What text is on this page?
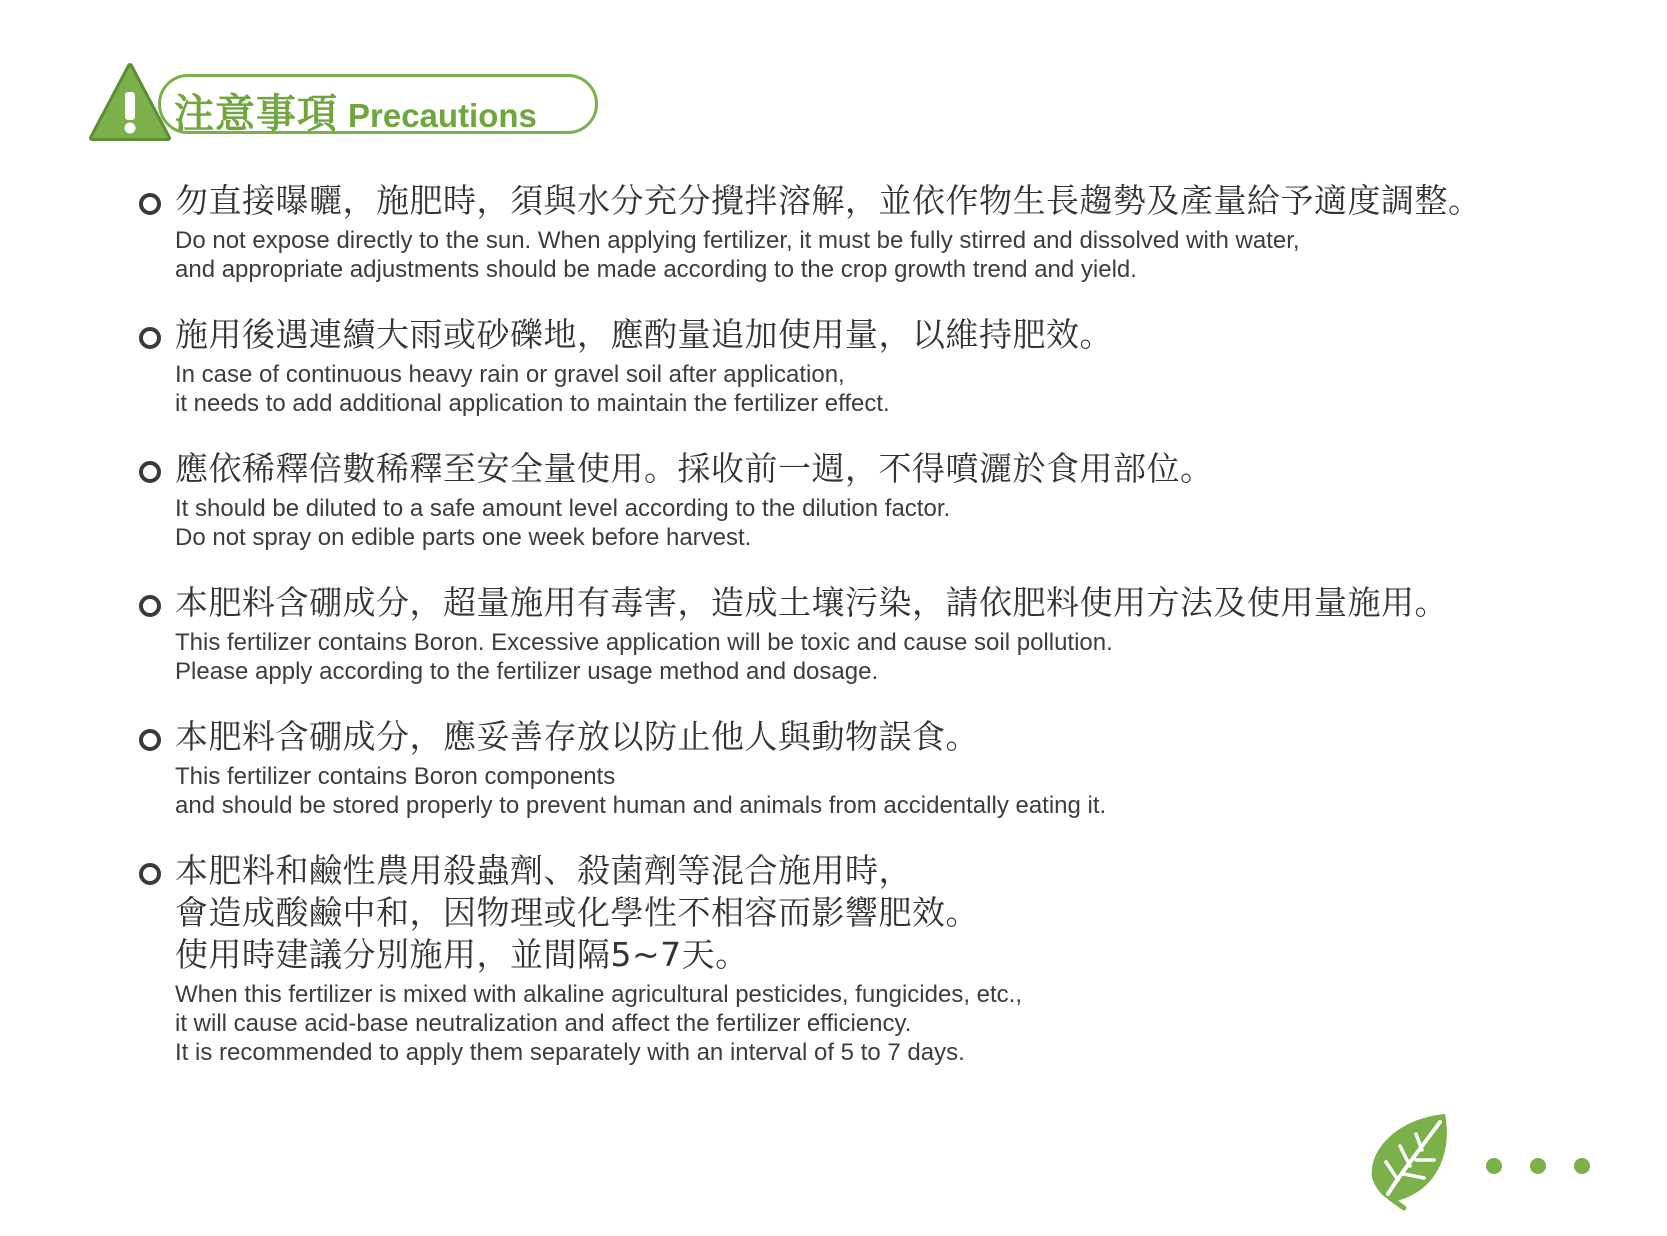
注意事項 Precautions
勿直接曝曬，施肥時，須與水分充分攪拌溶解，並依作物生長趨勢及產量給予適度調整。
Do not expose directly to the sun. When applying fertilizer, it must be fully stirred and dissolved with water,
and appropriate adjustments should be made according to the crop growth trend and yield.
施用後遇連續大雨或砂礫地，應酌量追加使用量，以維持肥效。
In case of continuous heavy rain or gravel soil after application,
it needs to add additional application to maintain the fertilizer effect.
應依稀釋倍數稀釋至安全量使用。採收前一週，不得噴灑於食用部位。
It should be diluted to a safe amount level according to the dilution factor.
Do not spray on edible parts one week before harvest.
本肥料含硼成分，超量施用有毒害，造成土壤污染，請依肥料使用方法及使用量施用。
This fertilizer contains Boron. Excessive application will be toxic and cause soil pollution.
Please apply according to the fertilizer usage method and dosage.
本肥料含硼成分，應妥善存放以防止他人與動物誤食。
This fertilizer contains Boron components
and should be stored properly to prevent human and animals from accidentally eating it.
本肥料和鹼性農用殺蟲劑、殺菌劑等混合施用時，
會造成酸鹼中和，因物理或化學性不相容而影響肥效。
使用時建議分別施用，並間隔5~7天。
When this fertilizer is mixed with alkaline agricultural pesticides, fungicides, etc.,
it will cause acid-base neutralization and affect the fertilizer efficiency.
It is recommended to apply them separately with an interval of 5 to 7 days.
